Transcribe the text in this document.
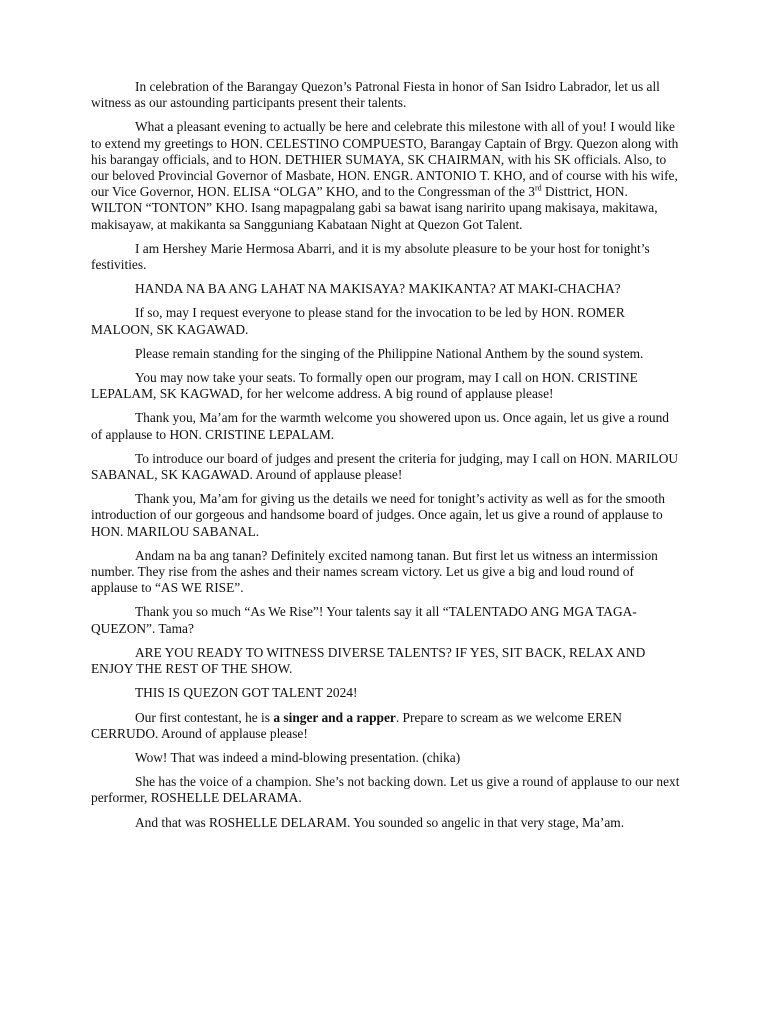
In celebration of the Barangay Quezon’s Patronal Fiesta in honor of San Isidro Labrador, let us all witness as our astounding participants present their talents.

What a pleasant evening to actually be here and celebrate this milestone with all of you! I would like to extend my greetings to HON. CELESTINO COMPUESTO, Barangay Captain of Brgy. Quezon along with his barangay officials, and to HON. DETHIER SUMAYA, SK CHAIRMAN, with his SK officials. Also, to our beloved Provincial Governor of Masbate, HON. ENGR. ANTONIO T. KHO, and of course with his wife, our Vice Governor, HON. ELISA “OLGA” KHO, and to the Congressman of the 3rd Disttrict, HON. WILTON “TONTON” KHO. Isang mapagpalang gabi sa bawat isang naririto upang makisaya, makitawa, makisayaw, at makikanta sa Sangguniang Kabataan Night at Quezon Got Talent.

I am Hershey Marie Hermosa Abarri, and it is my absolute pleasure to be your host for tonight’s festivities.

HANDA NA BA ANG LAHAT NA MAKISAYA? MAKIKANTA? AT MAKI-CHACHA?

If so, may I request everyone to please stand for the invocation to be led by HON. ROMER MALOON, SK KAGAWAD.

Please remain standing for the singing of the Philippine National Anthem by the sound system.

You may now take your seats. To formally open our program, may I call on HON. CRISTINE LEPALAM, SK KAGWAD, for her welcome address. A big round of applause please!

Thank you, Ma’am for the warmth welcome you showered upon us. Once again, let us give a round of applause to HON. CRISTINE LEPALAM.

To introduce our board of judges and present the criteria for judging, may I call on HON. MARILOU SABANAL, SK KAGAWAD. Around of applause please!

Thank you, Ma’am for giving us the details we need for tonight’s activity as well as for the smooth introduction of our gorgeous and handsome board of judges. Once again, let us give a round of applause to HON. MARILOU SABANAL.

Andam na ba ang tanan? Definitely excited namong tanan. But first let us witness an intermission number. They rise from the ashes and their names scream victory. Let us give a big and loud round of applause to “AS WE RISE”.

Thank you so much “As We Rise”! Your talents say it all “TALENTADO ANG MGA TAGA-QUEZON”. Tama?

ARE YOU READY TO WITNESS DIVERSE TALENTS? IF YES, SIT BACK, RELAX AND ENJOY THE REST OF THE SHOW.

THIS IS QUEZON GOT TALENT 2024!

Our first contestant, he is a singer and a rapper. Prepare to scream as we welcome EREN CERRUDO. Around of applause please!

Wow! That was indeed a mind-blowing presentation. (chika)

She has the voice of a champion. She’s not backing down. Let us give a round of applause to our next performer, ROSHELLE DELARAMA.

And that was ROSHELLE DELARAM. You sounded so angelic in that very stage, Ma’am.
